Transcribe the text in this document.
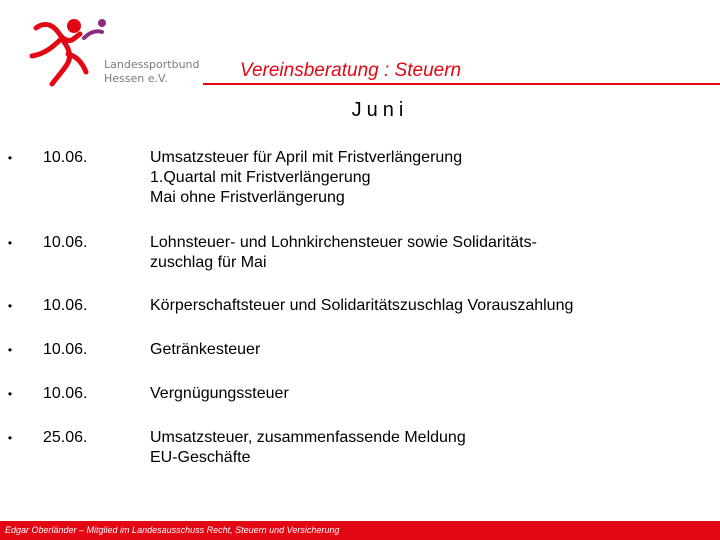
Landessportbund
Hessen e.V.	Vereinsberatung : Steuern
Juni
• 10.06.	Umsatzsteuer für April mit Fristverlängerung
1.Quartal mit Fristverlängerung
Mai ohne Fristverlängerung
• 10.06.	Lohnsteuer- und Lohnkirchensteuer sowie Solidaritäts-
zuschlag für Mai
• 10.06.	Körperschaftsteuer und Solidaritätszuschlag Vorauszahlung
• 10.06.	Getränkesteuer
• 10.06.	Vergnügungssteuer
• 25.06.	Umsatzsteuer, zusammenfassende Meldung
EU-Geschäfte
Edgar Oberländer – Mitglied im Landesausschuss Recht, Steuern und Versicherung
